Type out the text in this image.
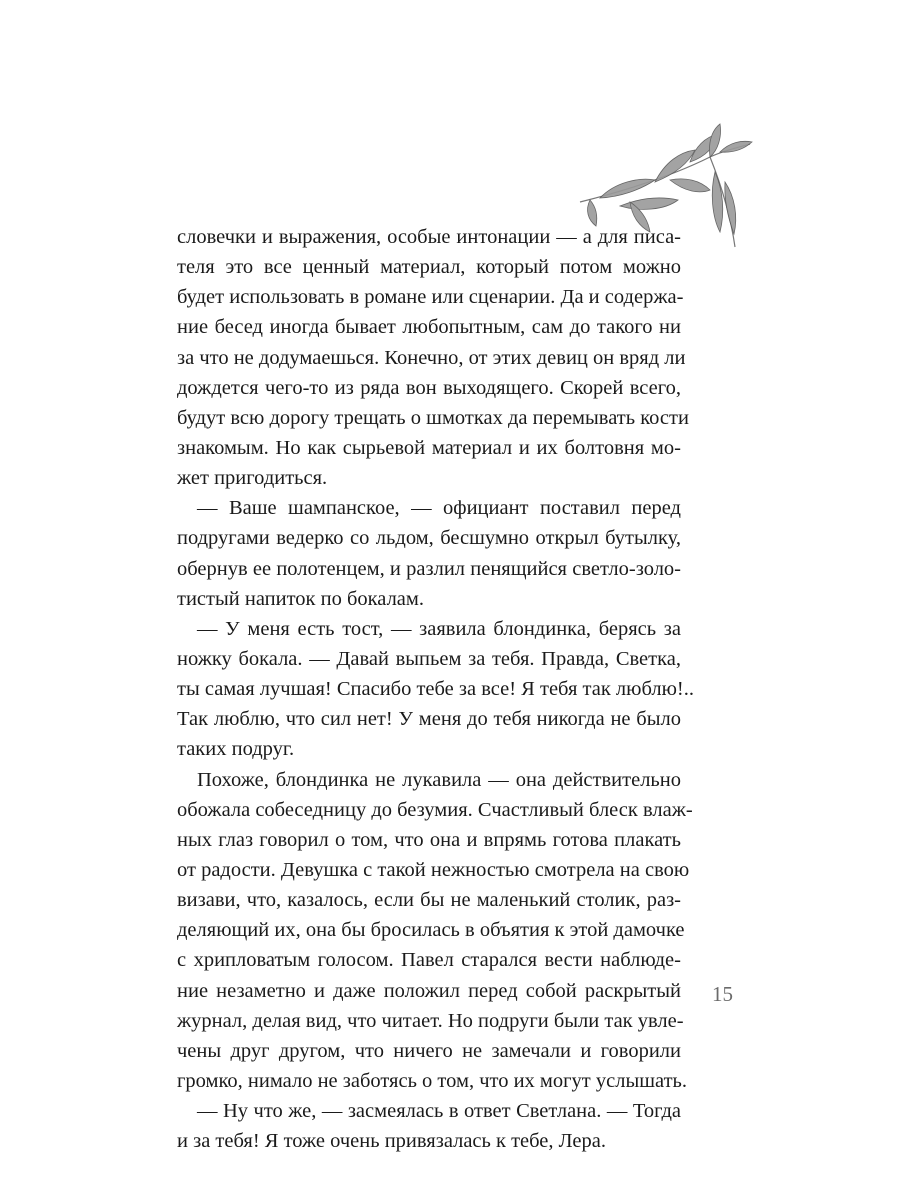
словечки и выражения, особые интонации — а для писа-
теля это все ценный материал, который потом можно
будет использовать в романе или сценарии. Да и содержа-
ние бесед иногда бывает любопытным, сам до такого ни
за что не додумаешься. Конечно, от этих девиц он вряд ли
дождется чего-то из ряда вон выходящего. Скорей всего,
будут всю дорогу трещать о шмотках да перемывать кости
знакомым. Но как сырьевой материал и их болтовня мо-
жет пригодиться.
— Ваше шампанское, — официант поставил перед
подругами ведерко со льдом, бесшумно открыл бутылку,
обернув ее полотенцем, и разлил пенящийся светло-золо-
тистый напиток по бокалам.
— У меня есть тост, — заявила блондинка, берясь за
ножку бокала. — Давай выпьем за тебя. Правда, Светка,
ты самая лучшая! Спасибо тебе за все! Я тебя так люблю!..
Так люблю, что сил нет! У меня до тебя никогда не было
таких подруг.
Похоже, блондинка не лукавила — она действительно
обожала собеседницу до безумия. Счастливый блеск влаж-
ных глаз говорил о том, что она и впрямь готова плакать
от радости. Девушка с такой нежностью смотрела на свою
визави, что, казалось, если бы не маленький столик, раз-
деляющий их, она бы бросилась в объятия к этой дамочке
с хрипловатым голосом. Павел старался вести наблюде-
ние незаметно и даже положил перед собой раскрытый
журнал, делая вид, что читает. Но подруги были так увле-
чены друг другом, что ничего не замечали и говорили
громко, нимало не заботясь о том, что их могут услышать.
— Ну что же, — засмеялась в ответ Светлана. — Тогда
и за тебя! Я тоже очень привязалась к тебе, Лера.
15
